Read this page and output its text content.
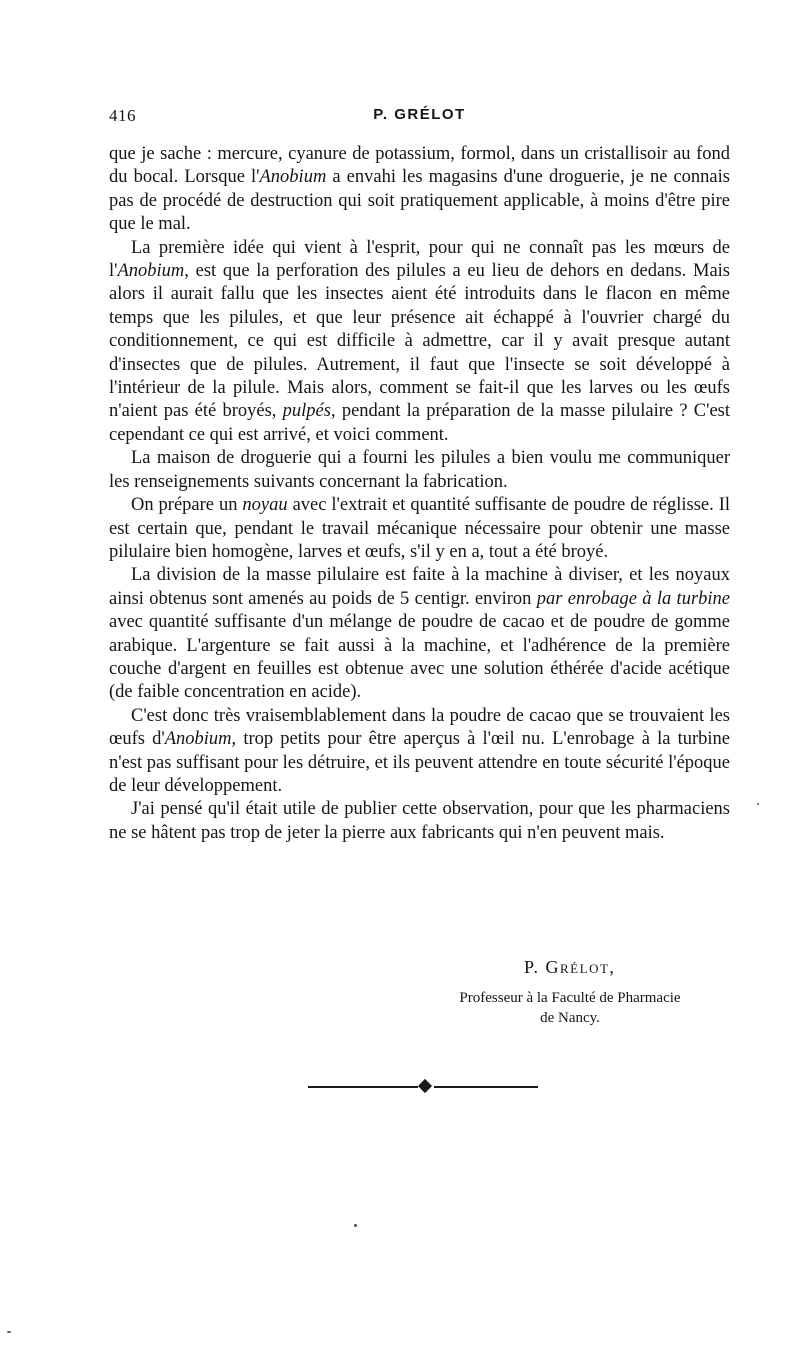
416	P. GRÉLOT

que je sache : mercure, cyanure de potassium, formol, dans un cristallisoir au fond du bocal. Lorsque l'Anobium a envahi les magasins d'une droguerie, je ne connais pas de procédé de destruction qui soit pratiquement applicable, à moins d'être pire que le mal.

La première idée qui vient à l'esprit, pour qui ne connaît pas les mœurs de l'Anobium, est que la perforation des pilules a eu lieu de dehors en dedans. Mais alors il aurait fallu que les insectes aient été introduits dans le flacon en même temps que les pilules, et que leur présence ait échappé à l'ouvrier chargé du conditionnement, ce qui est difficile à admettre, car il y avait presque autant d'insectes que de pilules. Autrement, il faut que l'insecte se soit développé à l'intérieur de la pilule. Mais alors, comment se fait-il que les larves ou les œufs n'aient pas été broyés, pulpés, pendant la préparation de la masse pilulaire ? C'est cependant ce qui est arrivé, et voici comment.

La maison de droguerie qui a fourni les pilules a bien voulu me communiquer les renseignements suivants concernant la fabrication.

On prépare un noyau avec l'extrait et quantité suffisante de poudre de réglisse. Il est certain que, pendant le travail mécanique nécessaire pour obtenir une masse pilulaire bien homogène, larves et œufs, s'il y en a, tout a été broyé.

La division de la masse pilulaire est faite à la machine à diviser, et les noyaux ainsi obtenus sont amenés au poids de 5 centigr. environ par enrobage à la turbine avec quantité suffisante d'un mélange de poudre de cacao et de poudre de gomme arabique. L'argenture se fait aussi à la machine, et l'adhérence de la première couche d'argent en feuilles est obtenue avec une solution éthérée d'acide acétique (de faible concentration en acide).

C'est donc très vraisemblablement dans la poudre de cacao que se trouvaient les œufs d'Anobium, trop petits pour être aperçus à l'œil nu. L'enrobage à la turbine n'est pas suffisant pour les détruire, et ils peuvent attendre en toute sécurité l'époque de leur développement.

J'ai pensé qu'il était utile de publier cette observation, pour que les pharmaciens ne se hâtent pas trop de jeter la pierre aux fabricants qui n'en peuvent mais.

P. Grélot,
Professeur à la Faculté de Pharmacie
de Nancy.
